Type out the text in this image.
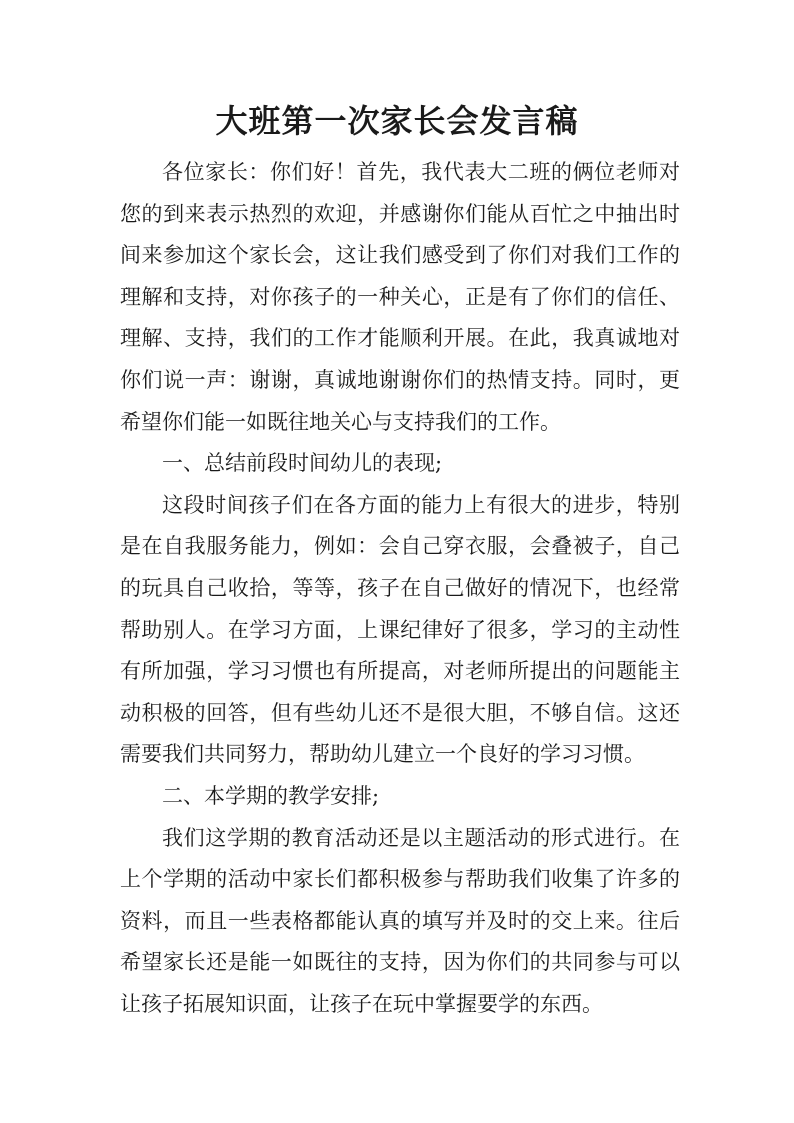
大班第一次家长会发言稿

各位家长：你们好！首先，我代表大二班的俩位老师对您的到来表示热烈的欢迎，并感谢你们能从百忙之中抽出时间来参加这个家长会，这让我们感受到了你们对我们工作的理解和支持，对你孩子的一种关心，正是有了你们的信任、理解、支持，我们的工作才能顺利开展。在此，我真诚地对你们说一声：谢谢，真诚地谢谢你们的热情支持。同时，更希望你们能一如既往地关心与支持我们的工作。

一、总结前段时间幼儿的表现;

这段时间孩子们在各方面的能力上有很大的进步，特别是在自我服务能力，例如：会自己穿衣服，会叠被子，自己的玩具自己收拾，等等，孩子在自己做好的情况下，也经常帮助别人。在学习方面，上课纪律好了很多，学习的主动性有所加强，学习习惯也有所提高，对老师所提出的问题能主动积极的回答，但有些幼儿还不是很大胆，不够自信。这还需要我们共同努力，帮助幼儿建立一个良好的学习习惯。

二、本学期的教学安排;

我们这学期的教育活动还是以主题活动的形式进行。在上个学期的活动中家长们都积极参与帮助我们收集了许多的资料，而且一些表格都能认真的填写并及时的交上来。往后希望家长还是能一如既往的支持，因为你们的共同参与可以让孩子拓展知识面，让孩子在玩中掌握要学的东西。
